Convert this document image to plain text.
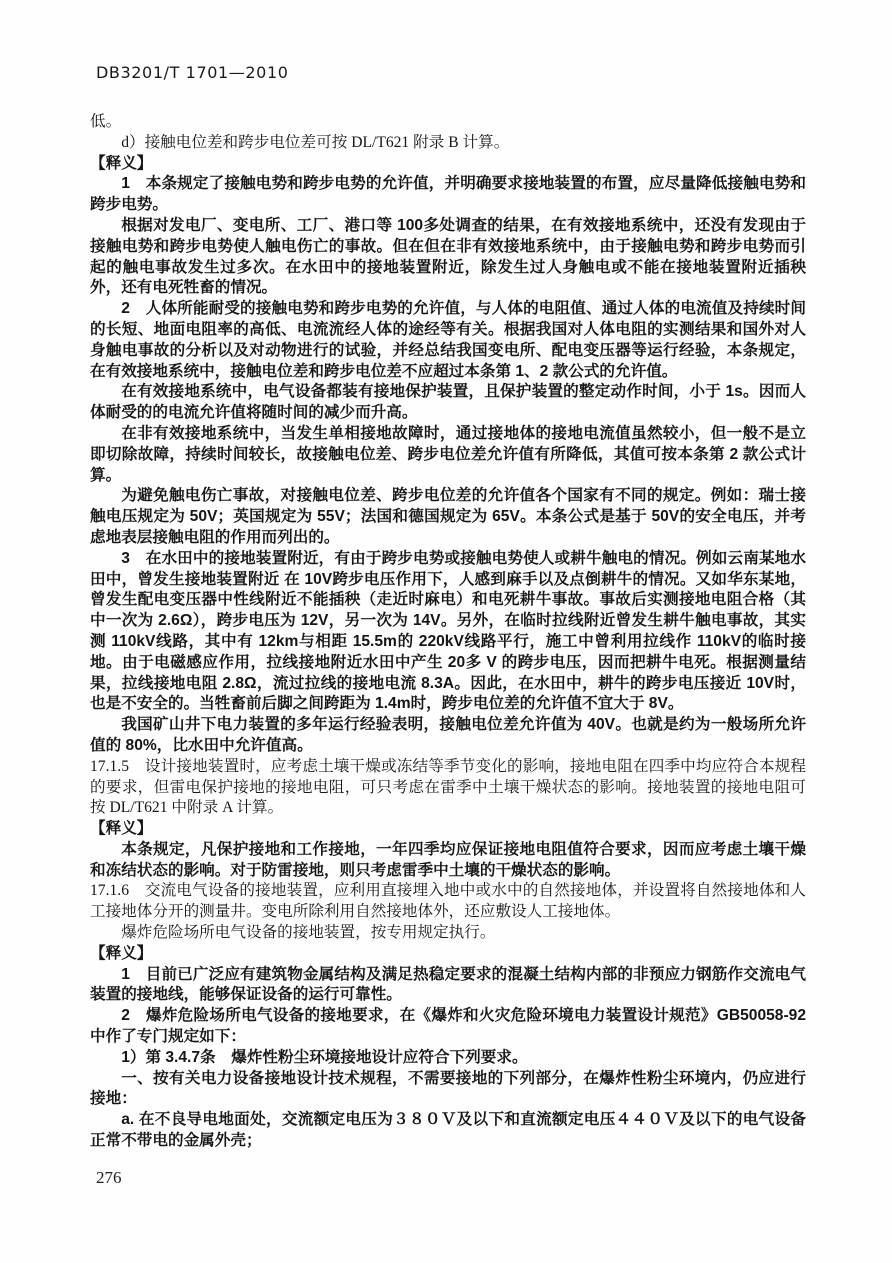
DB3201/T 1701—2010

低。

d）接触电位差和跨步电位差可按 DL/T621 附录 B 计算。

【释义】

1　本条规定了接触电势和跨步电势的允许值，并明确要求接地装置的布置，应尽量降低接触电势和跨步电势。

根据对发电厂、变电所、工厂、港口等 100多处调查的结果，在有效接地系统中，还没有发现由于接触电势和跨步电势使人触电伤亡的事故。但在但在非有效接地系统中，由于接触电势和跨步电势而引起的触电事故发生过多次。在水田中的接地装置附近，除发生过人身触电或不能在接地装置附近插秧外，还有电死牲畜的情况。

2　人体所能耐受的接触电势和跨步电势的允许值，与人体的电阻值、通过人体的电流值及持续时间的长短、地面电阻率的高低、电流流经人体的途经等有关。根据我国对人体电阻的实测结果和国外对人身触电事故的分析以及对动物进行的试验，并经总结我国变电所、配电变压器等运行经验，本条规定，在有效接地系统中，接触电位差和跨步电位差不应超过本条第 1、2 款公式的允许值。

在有效接地系统中，电气设备都装有接地保护装置，且保护装置的整定动作时间，小于 1s。因而人体耐受的的电流允许值将随时间的减少而升高。

在非有效接地系统中，当发生单相接地故障时，通过接地体的接地电流值虽然较小，但一般不是立即切除故障，持续时间较长，故接触电位差、跨步电位差允许值有所降低，其值可按本条第 2 款公式计算。

为避免触电伤亡事故，对接触电位差、跨步电位差的允许值各个国家有不同的规定。例如：瑞士接触电压规定为 50V；英国规定为 55V；法国和德国规定为 65V。本条公式是基于 50V的安全电压，并考虑地表层接触电阻的作用而列出的。

3　在水田中的接地装置附近，有由于跨步电势或接触电势使人或耕牛触电的情况。例如云南某地水田中，曾发生接地装置附近 在 10V跨步电压作用下，人感到麻手以及点倒耕牛的情况。又如华东某地，曾发生配电变压器中性线附近不能插秧（走近时麻电）和电死耕牛事故。事故后实测接地电阻合格（其中一次为 2.6Ω），跨步电压为 12V，另一次为 14V。另外，在临时拉线附近曾发生耕牛触电事故，其实测 110kV线路，其中有 12km与相距 15.5m的 220kV线路平行，施工中曾利用拉线作 110kV的临时接地。由于电磁感应作用，拉线接地附近水田中产生 20多 V 的跨步电压，因而把耕牛电死。根据测量结果，拉线接地电阻 2.8Ω，流过拉线的接地电流 8.3A。因此，在水田中，耕牛的跨步电压接近 10V时，也是不安全的。当牲畜前后脚之间跨距为 1.4m时，跨步电位差的允许值不宜大于 8V。

我国矿山井下电力装置的多年运行经验表明，接触电位差允许值为 40V。也就是约为一般场所允许值的 80%，比水田中允许值高。

17.1.5　设计接地装置时，应考虑土壤干燥或冻结等季节变化的影响，接地电阻在四季中均应符合本规程的要求，但雷电保护接地的接地电阻，可只考虑在雷季中土壤干燥状态的影响。接地装置的接地电阻可按 DL/T621 中附录 A 计算。

【释义】

本条规定，凡保护接地和工作接地，一年四季均应保证接地电阻值符合要求，因而应考虑土壤干燥和冻结状态的影响。对于防雷接地，则只考虑雷季中土壤的干燥状态的影响。

17.1.6　交流电气设备的接地装置，应利用直接埋入地中或水中的自然接地体，并设置将自然接地体和人工接地体分开的测量井。变电所除利用自然接地体外，还应敷设人工接地体。

爆炸危险场所电气设备的接地装置，按专用规定执行。

【释义】

1　目前已广泛应有建筑物金属结构及满足热稳定要求的混凝土结构内部的非预应力钢筋作交流电气装置的接地线，能够保证设备的运行可靠性。

2　爆炸危险场所电气设备的接地要求，在《爆炸和火灾危险环境电力装置设计规范》GB50058-92 中作了专门规定如下：

1）第 3.4.7条　爆炸性粉尘环境接地设计应符合下列要求。

一、按有关电力设备接地设计技术规程，不需要接地的下列部分，在爆炸性粉尘环境内，仍应进行接地：

a. 在不良导电地面处，交流额定电压为３８０Ｖ及以下和直流额定电压４４０Ｖ及以下的电气设备正常不带电的金属外壳；

276
